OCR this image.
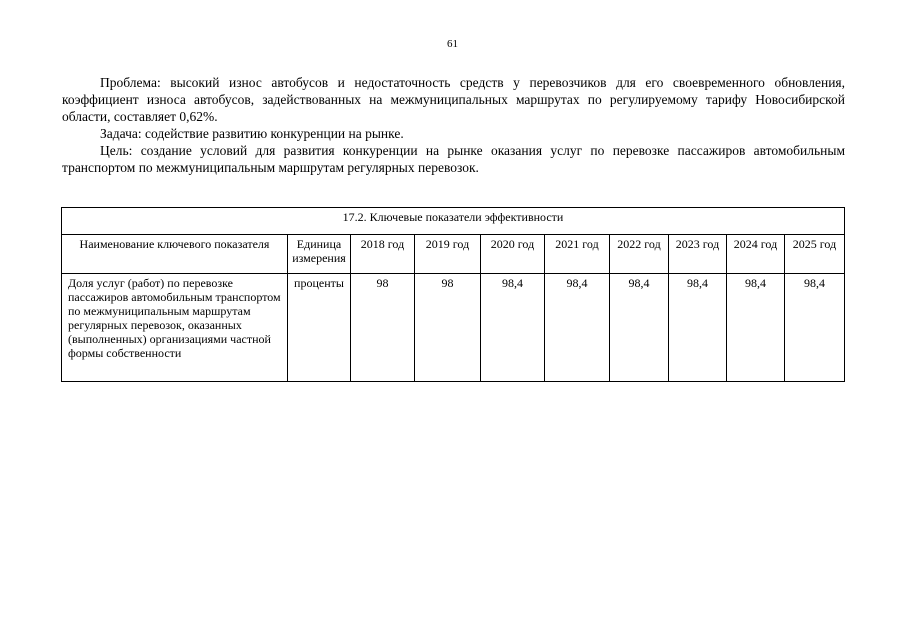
61

Проблема: высокий износ автобусов и недостаточность средств у перевозчиков для его своевременного обновления, коэффициент износа автобусов, задействованных на межмуниципальных маршрутах по регулируемому тарифу Новосибирской области, составляет 0,62%.

Задача: содействие развитию конкуренции на рынке.

Цель: создание условий для развития конкуренции на рынке оказания услуг по перевозке пассажиров автомобильным транспортом по межмуниципальным маршрутам регулярных перевозок.

17.2. Ключевые показатели эффективности									
Наименование ключевого показателя	Единица измерения	2018 год	2019 год	2020 год	2021 год	2022 год	2023 год	2024 год	2025 год
Доля услуг (работ) по перевозке пассажиров автомобильным транспортом по межмуниципальным маршрутам регулярных перевозок, оказанных (выполненных) организациями частной формы собственности	проценты	98	98	98,4	98,4	98,4	98,4	98,4	98,4
